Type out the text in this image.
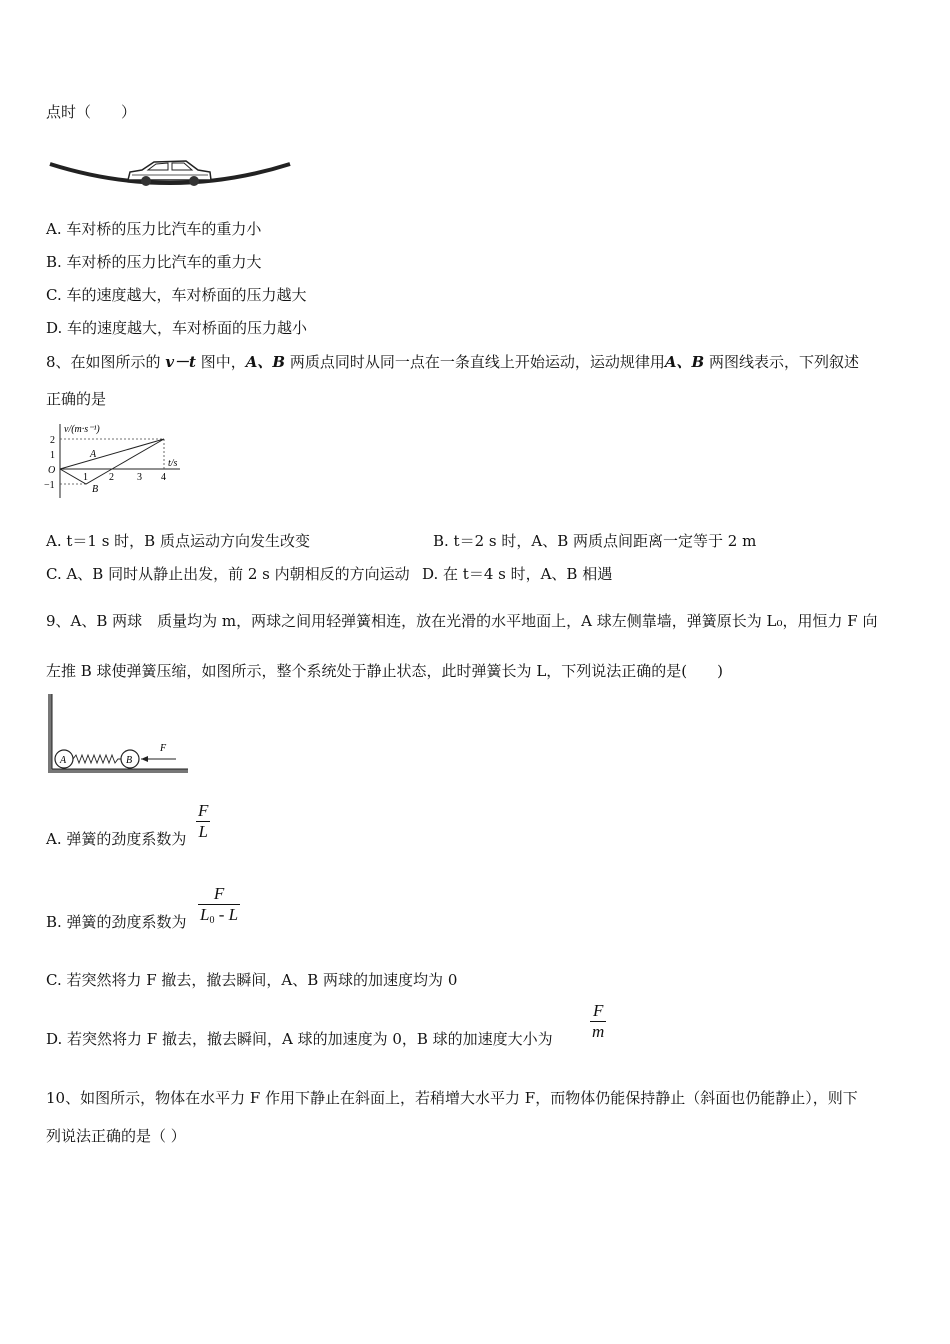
点时（　　）
A. 车对桥的压力比汽车的重力小
B. 车对桥的压力比汽车的重力大
C. 车的速度越大，车对桥面的压力越大
D. 车的速度越大，车对桥面的压力越小
8、在如图所示的 v－t 图中，A、B 两质点同时从同一点在一条直线上开始运动，运动规律用A、B 两图线表示，下列叙述
正确的是
v/(m·s⁻¹)
t/s
O
2
1
−1
1 2 3 4
A
B
A. t＝1 s 时，B 质点运动方向发生改变	B. t＝2 s 时，A、B 两质点间距离一定等于 2 m
C. A、B 同时从静止出发，前 2 s 内朝相反的方向运动 D. 在 t＝4 s 时，A、B 相遇
9、A、B 两球　质量均为 m，两球之间用轻弹簧相连，放在光滑的水平地面上，A 球左侧靠墙，弹簧原长为 L₀，用恒力 F 向
左推 B 球使弹簧压缩，如图所示，整个系统处于静止状态，此时弹簧长为 L，下列说法正确的是(　　)
A	B
F
A. 弹簧的劲度系数为
F
L
B. 弹簧的劲度系数为
F
$L_0$ - L
C. 若突然将力 F 撤去，撤去瞬间，A、B 两球的加速度均为 0
D. 若突然将力 F 撤去，撤去瞬间，A 球的加速度为 0，B 球的加速度大小为
F
m
10、如图所示，物体在水平力 F 作用下静止在斜面上，若稍增大水平力 F，而物体仍能保持静止（斜面也仍能静止），则下
列说法正确的是（ ）
